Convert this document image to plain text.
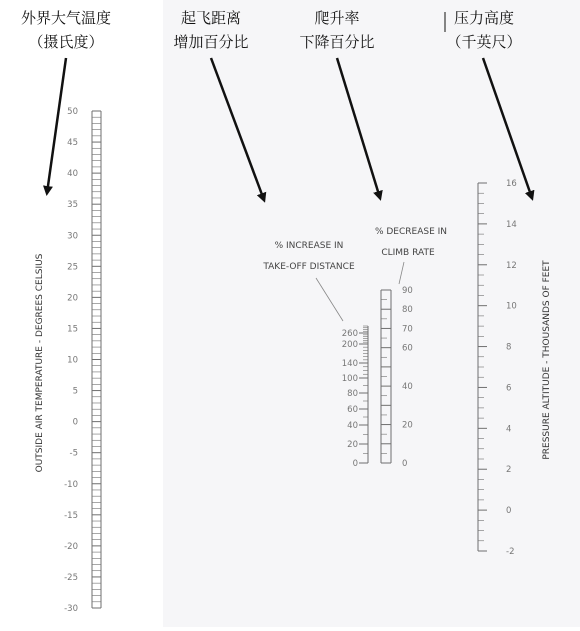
50
45
40
35
30
25
20
15
10
5
0
-5
-10
-15
-20
-25
-30
260
200
140
100
80
60
40
20
0
90
80
70
60
40
20
0
16
14
12
10
8
6
4
2
0
-2
% INCREASE IN
TAKE-OFF DISTANCE
% DECREASE IN
CLIMB RATE
OUTSIDE AIR TEMPERATURE - DEGREES CELSIUS	PRESSURE ALTITUDE - THOUSANDS OF FEET
外界大气温度
（摄氏度）
起飞距离
增加百分比
爬升率
下降百分比
压力高度
（千英尺）
